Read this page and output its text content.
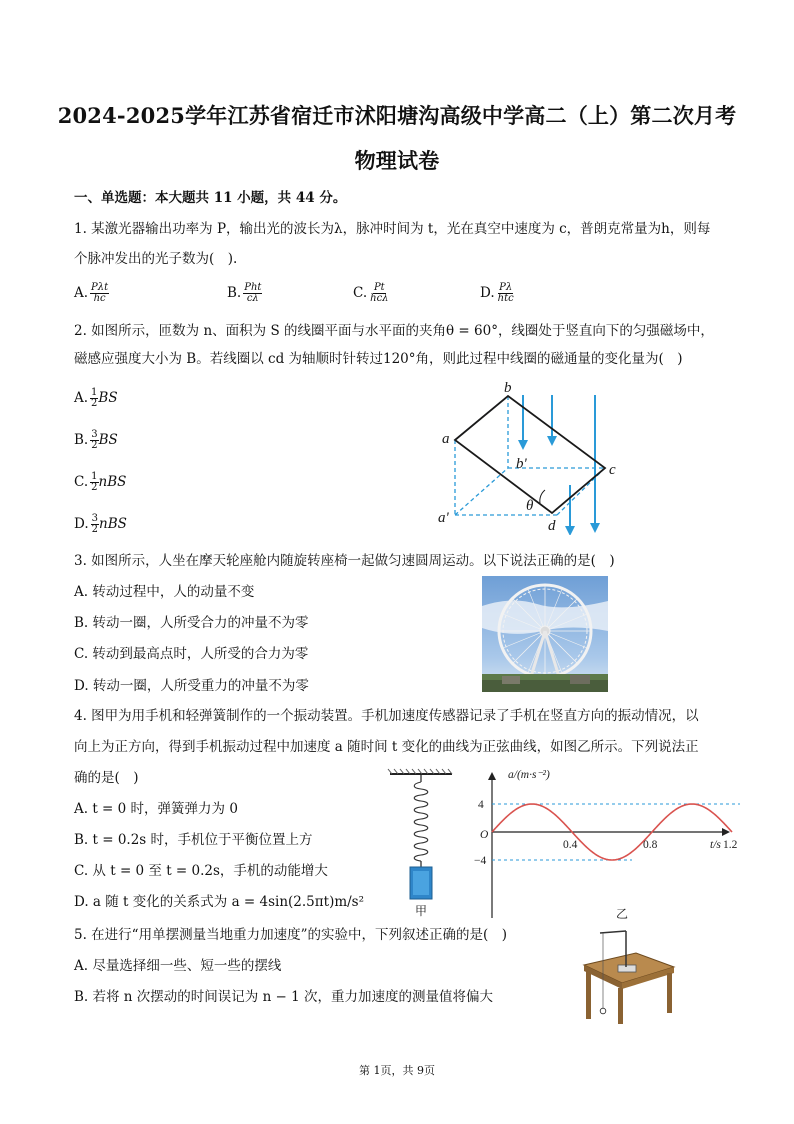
2024-2025学年江苏省宿迁市沭阳塘沟高级中学高二（上）第二次月考
物理试卷
一、单选题：本大题共 11 小题，共 44 分。
1. 某激光器输出功率为 P，输出光的波长为λ，脉冲时间为 t，光在真空中速度为 c，普朗克常量为h，则每
个脉冲发出的光子数为(　).
A. $\frac{\text{Pλt}}{hc}$	B. $\frac{\text{Pht}}{c\lambda}$	C. $\frac{Pt}{\text{hcλ}}$	D. $\frac{P\lambda}{\text{htc}}$
2. 如图所示，匝数为 n、面积为 S 的线圈平面与水平面的夹角θ = 60°，线圈处于竖直向下的匀强磁场中，
磁感应强度大小为 B。若线圈以 cd 为轴顺时针转过120°角，则此过程中线圈的磁通量的变化量为(　)
A. $\frac{1}{2}$ BS
B. $\frac{3}{2}$ BS
C. $\frac{1}{2}$ nBS
D. $\frac{3}{2}$ nBS
b
a
c
d
b'
a'
θ
3. 如图所示，人坐在摩天轮座舱内随旋转座椅一起做匀速圆周运动。以下说法正确的是(　)
A. 转动过程中，人的动量不变
B. 转动一圈，人所受合力的冲量不为零
C. 转动到最高点时，人所受的合力为零
D. 转动一圈，人所受重力的冲量不为零
4. 图甲为用手机和轻弹簧制作的一个振动装置。手机加速度传感器记录了手机在竖直方向的振动情况，以
向上为正方向，得到手机振动过程中加速度 a 随时间 t 变化的曲线为正弦曲线，如图乙所示。下列说法正
确的是(　)
A. t = 0 时，弹簧弹力为 0
B. t = 0.2s 时，手机位于平衡位置上方
C. 从 t = 0 至 t = 0.2s，手机的动能增大
D. a 随 t 变化的关系式为 a = 4sin(2.5πt)m/s²
甲
a/(m·s⁻²)
t/s
O
4
−4
0.4	0.8	1.2
乙
5. 在进行“用单摆测量当地重力加速度”的实验中，下列叙述正确的是(　)
A. 尽量选择细一些、短一些的摆线
B. 若将 n 次摆动的时间误记为 n − 1 次，重力加速度的测量值将偏大
第 1页，共 9页
